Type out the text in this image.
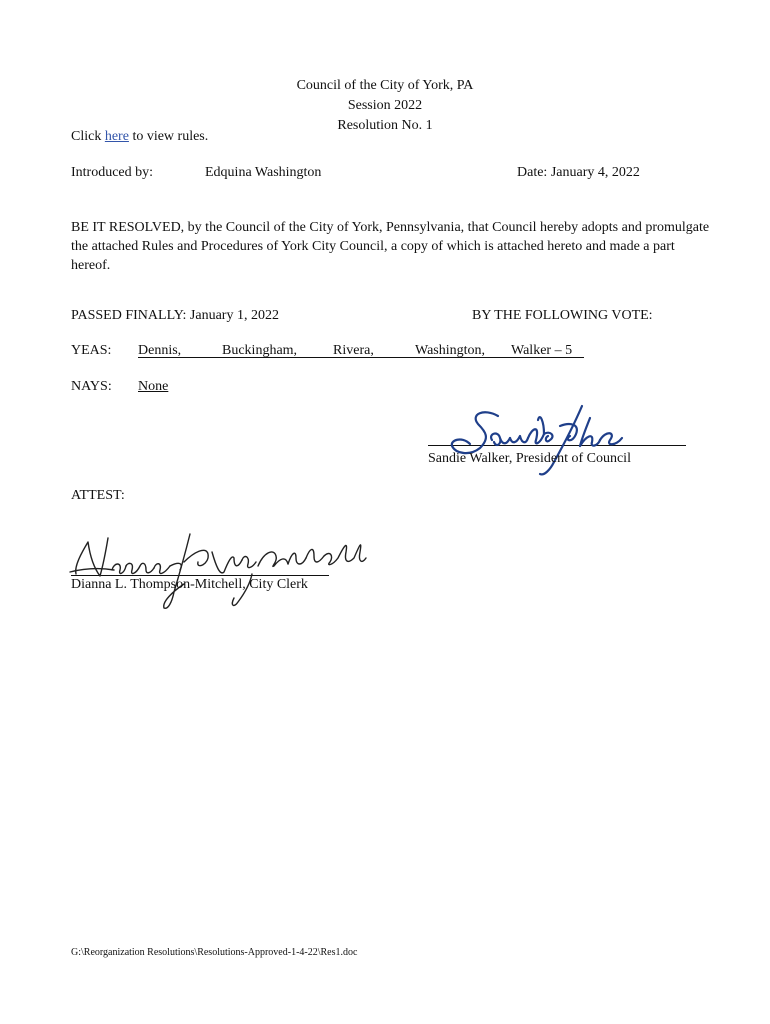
Council of the City of York, PA
Session 2022
Resolution No. 1
Click here to view rules.
Introduced by:	Edquina Washington	Date: January 4, 2022
BE IT RESOLVED, by the Council of the City of York, Pennsylvania, that Council hereby adopts and promulgate the attached Rules and Procedures of York City Council, a copy of which is attached hereto and made a part hereof.
PASSED FINALLY: January 1, 2022	BY THE FOLLOWING VOTE:
YEAS: Dennis,	Buckingham,	Rivera,	Washington, Walker – 5
NAYS: None
Sandie Walker, President of Council
ATTEST:
Dianna L. Thompson-Mitchell, City Clerk
G:\Reorganization Resolutions\Resolutions-Approved-1-4-22\Res1.doc
